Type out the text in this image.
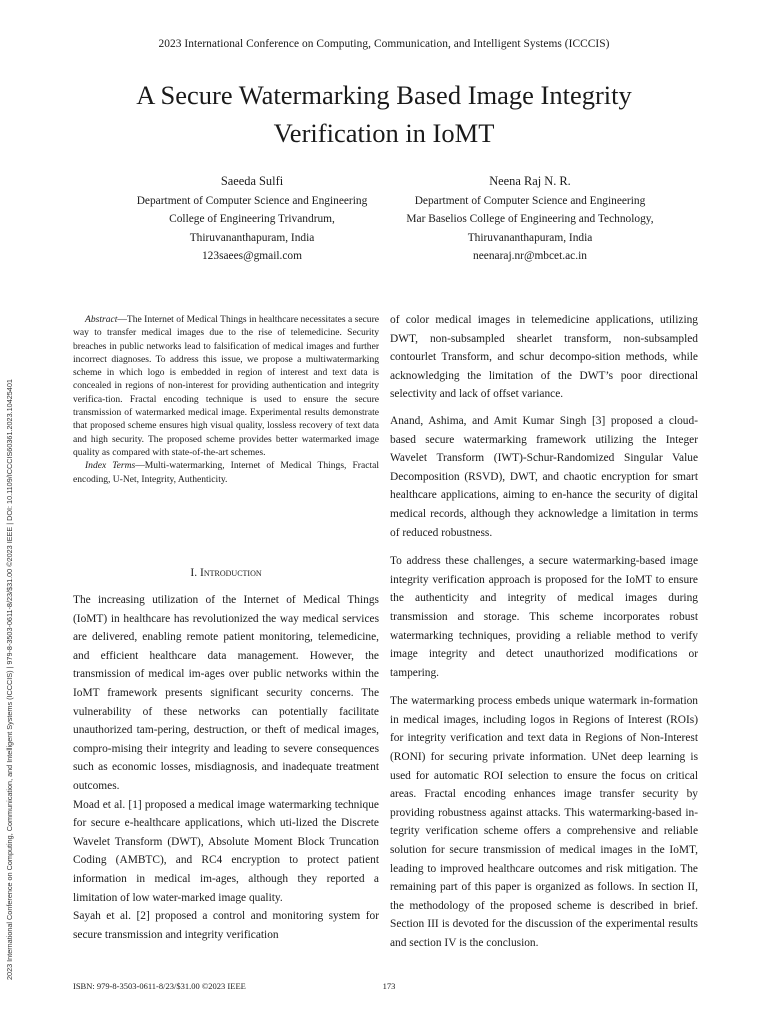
2023 International Conference on Computing, Communication, and Intelligent Systems (ICCCIS)
A Secure Watermarking Based Image Integrity
Verification in IoMT
Saeeda Sulfi
Department of Computer Science and Engineering
College of Engineering Trivandrum,
Thiruvananthapuram, India
123saees@gmail.com
Neena Raj N. R.
Department of Computer Science and Engineering
Mar Baselios College of Engineering and Technology,
Thiruvananthapuram, India
neenaraj.nr@mbcet.ac.in
2023 International Conference on Computing, Communication, and Intelligent Systems (ICCCIS) | 979-8-3503-0611-8/23/$31.00 ©2023 IEEE | DOI: 10.1109/ICCCIS60361.2023.10425401

Abstract—The Internet of Medical Things in healthcare necessitates a secure way to transfer medical images due to the rise of telemedicine. Security breaches in public networks lead to falsification of medical images and further incorrect diagnoses. To address this issue, we propose a multiwatermarking scheme in which logo is embedded in region of interest and text data is concealed in regions of non-interest for providing authentication and integrity verifica-tion. Fractal encoding technique is used to ensure the secure transmission of watermarked medical image. Experimental results demonstrate that proposed scheme ensures high visual quality, lossless recovery of text data and high security. The proposed scheme provides better watermarked image quality as compared with state-of-the-art schemes.

Index Terms—Multi-watermarking, Internet of Medical Things, Fractal encoding, U-Net, Integrity, Authenticity.

I. Introduction

The increasing utilization of the Internet of Medical Things (IoMT) in healthcare has revolutionized the way medical services are delivered, enabling remote patient monitoring, telemedicine, and efficient healthcare data management. However, the transmission of medical im-ages over public networks within the IoMT framework presents significant security concerns. The vulnerability of these networks can potentially facilitate unauthorized tam-pering, destruction, or theft of medical images, compro-mising their integrity and leading to severe consequences such as economic losses, misdiagnosis, and inadequate treatment outcomes.

Moad et al. [1] proposed a medical image watermarking technique for secure e-healthcare applications, which uti-lized the Discrete Wavelet Transform (DWT), Absolute Moment Block Truncation Coding (AMBTC), and RC4 encryption to protect patient information in medical im-ages, although they reported a limitation of low water-marked image quality.

Sayah et al. [2] proposed a control and monitoring system for secure transmission and integrity verification

of color medical images in telemedicine applications, utilizing DWT, non-subsampled shearlet transform, non-subsampled contourlet Transform, and schur decompo-sition methods, while acknowledging the limitation of the DWT’s poor directional selectivity and lack of offset variance.

Anand, Ashima, and Amit Kumar Singh [3] proposed a cloud-based secure watermarking framework utilizing the Integer Wavelet Transform (IWT)-Schur-Randomized Singular Value Decomposition (RSVD), DWT, and chaotic encryption for smart healthcare applications, aiming to en-hance the security of digital medical records, although they acknowledge a limitation in terms of reduced robustness.

To address these challenges, a secure watermarking-based image integrity verification approach is proposed for the IoMT to ensure the authenticity and integrity of medical images during transmission and storage. This scheme incorporates robust watermarking techniques, providing a reliable method to verify image integrity and detect unauthorized modifications or tampering.

The watermarking process embeds unique watermark in-formation in medical images, including logos in Regions of Interest (ROIs) for integrity verification and text data in Regions of Non-Interest (RONI) for securing private information. UNet deep learning is used for automatic ROI selection to ensure the focus on critical areas. Fractal encoding enhances image transfer security by providing robustness against attacks. This watermarking-based in-tegrity verification scheme offers a comprehensive and reliable solution for secure transmission of medical images in the IoMT, leading to improved healthcare outcomes and risk mitigation. The remaining part of this paper is organized as follows. In section II, the methodology of the proposed scheme is described in brief. Section III is devoted for the discussion of the experimental results and section IV is the conclusion.

ISBN: 979-8-3503-0611-8/23/$31.00 ©2023 IEEE	173
